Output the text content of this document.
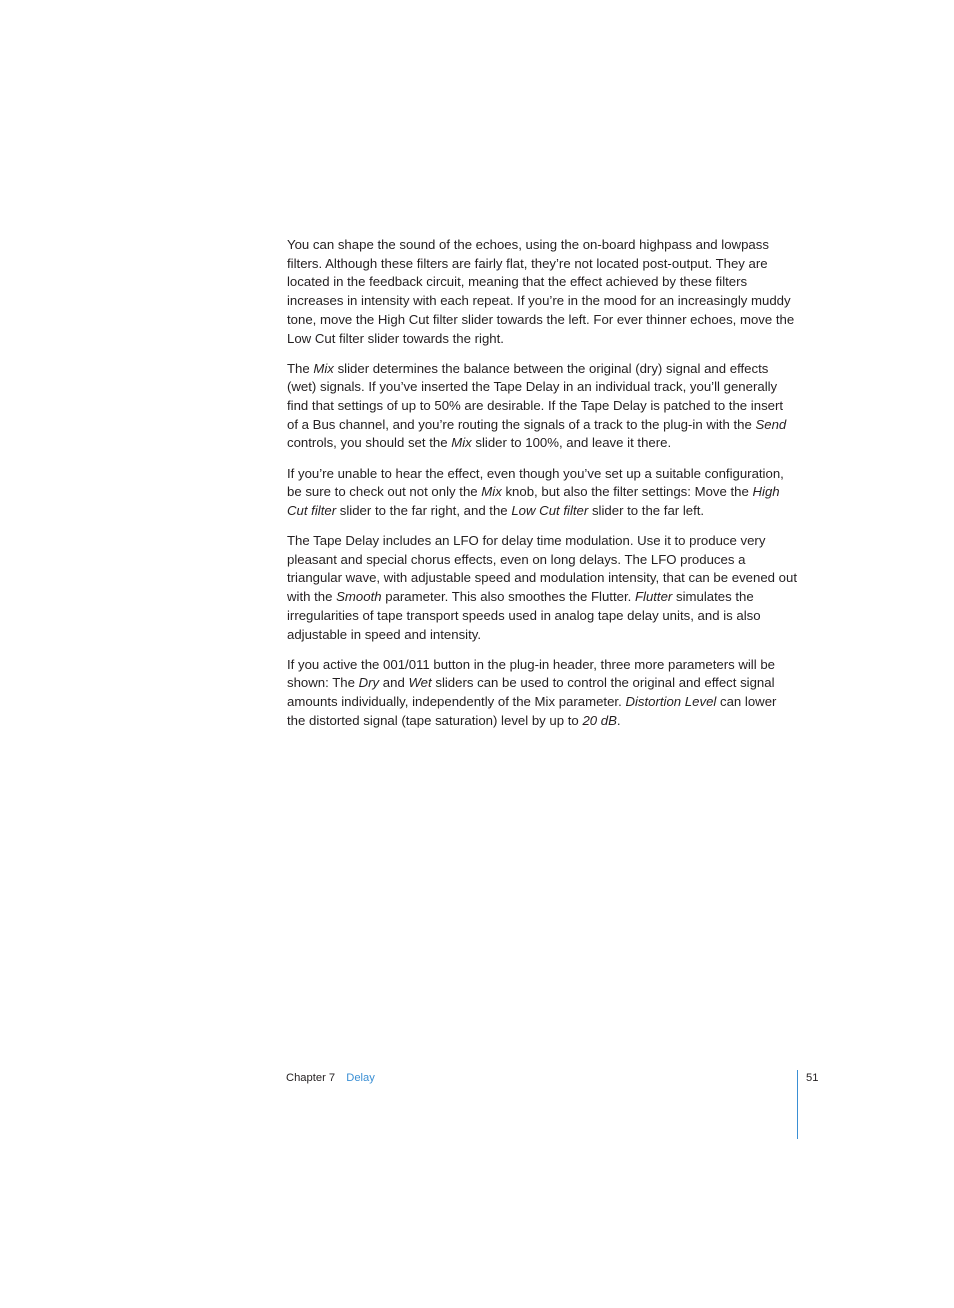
You can shape the sound of the echoes, using the on-board highpass and lowpass filters. Although these filters are fairly flat, they’re not located post-output. They are located in the feedback circuit, meaning that the effect achieved by these filters increases in intensity with each repeat. If you’re in the mood for an increasingly muddy tone, move the High Cut filter slider towards the left. For ever thinner echoes, move the Low Cut filter slider towards the right.

The Mix slider determines the balance between the original (dry) signal and effects (wet) signals. If you’ve inserted the Tape Delay in an individual track, you’ll generally find that settings of up to 50% are desirable. If the Tape Delay is patched to the insert of a Bus channel, and you’re routing the signals of a track to the plug-in with the Send controls, you should set the Mix slider to 100%, and leave it there.

If you’re unable to hear the effect, even though you’ve set up a suitable configuration, be sure to check out not only the Mix knob, but also the filter settings: Move the High Cut filter slider to the far right, and the Low Cut filter slider to the far left.

The Tape Delay includes an LFO for delay time modulation. Use it to produce very pleasant and special chorus effects, even on long delays. The LFO produces a triangular wave, with adjustable speed and modulation intensity, that can be evened out with the Smooth parameter. This also smoothes the Flutter. Flutter simulates the irregularities of tape transport speeds used in analog tape delay units, and is also adjustable in speed and intensity.

If you active the 001/011 button in the plug-in header, three more parameters will be shown: The Dry and Wet sliders can be used to control the original and effect signal amounts individually, independently of the Mix parameter. Distortion Level can lower the distorted signal (tape saturation) level by up to 20 dB.

Chapter 7 Delay	51
